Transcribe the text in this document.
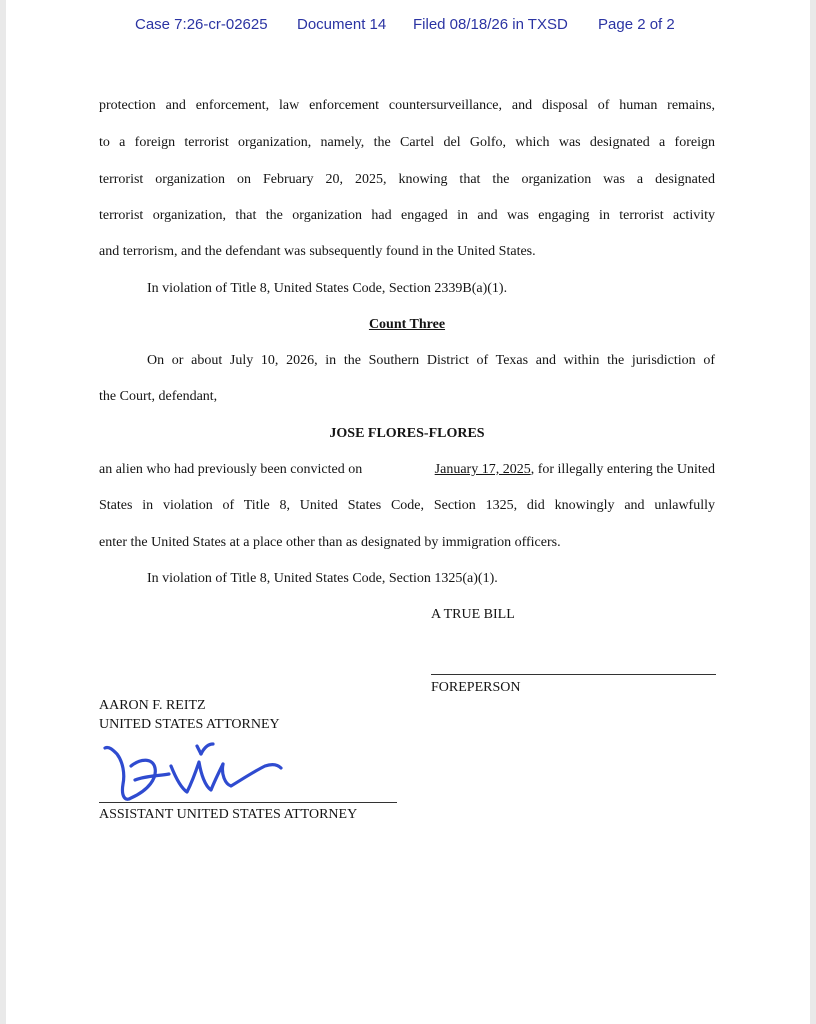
Case 7:26-cr-02625 Document 14 Filed 08/18/26 in TXSD Page 2 of 2
protection and enforcement, law enforcement countersurveillance, and disposal of human remains,
to a foreign terrorist organization, namely, the Cartel del Golfo, which was designated a foreign
terrorist organization on February 20, 2025, knowing that the organization was a designated
terrorist organization, that the organization had engaged in and was engaging in terrorist activity
and terrorism, and the defendant was subsequently found in the United States.
In violation of Title 8, United States Code, Section 2339B(a)(1).
Count Three
On or about July 10, 2026, in the Southern District of Texas and within the jurisdiction of
the Court, defendant,
JOSE FLORES-FLORES
an alien who had previously been convicted on	January 17, 2025, for illegally entering the United
States in violation of Title 8, United States Code, Section 1325, did knowingly and unlawfully
enter the United States at a place other than as designated by immigration officers.
In violation of Title 8, United States Code, Section 1325(a)(1).
A TRUE BILL
FOREPERSON
AARON F. REITZ
UNITED STATES ATTORNEY
ASSISTANT UNITED STATES ATTORNEY
